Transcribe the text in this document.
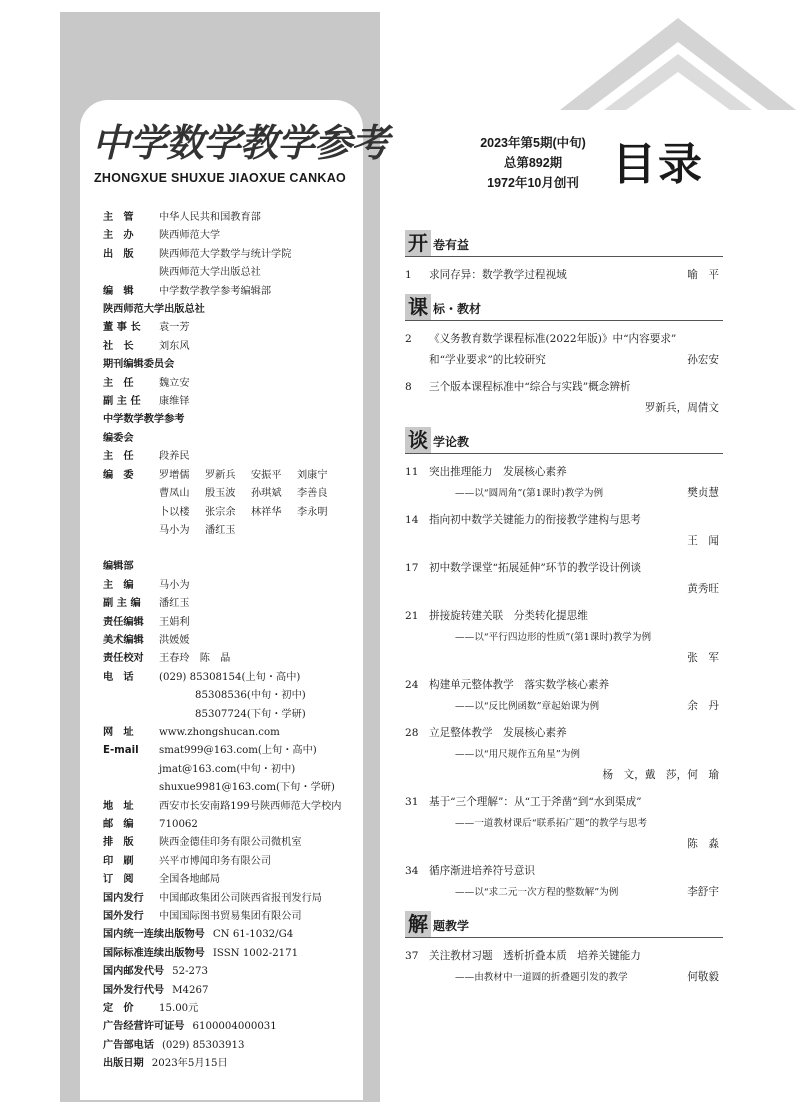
中学数学教学参考
ZHONGXUE SHUXUE JIAOXUE CANKAO
2023年第5期(中旬)
总第892期
1972年10月创刊 目录
主　管	中华人民共和国教育部
主　办	陕西师范大学
出　版	陕西师范大学数学与统计学院
陕西师范大学出版总社
编　辑	中学数学教学参考编辑部
陕西师范大学出版总社
董 事 长	袁一芳
社　长	刘东风
期刊编辑委员会
主　任	魏立安
副 主 任	康维铎
中学数学教学参考
编委会
主　任	段养民
编　委	罗增儒	罗新兵	安振平	刘康宁
曹凤山	殷玉波	孙琪斌	李善良
卜以楼	张宗余	林祥华	李永明
马小为	潘红玉
编辑部
主　编	马小为
副 主 编	潘红玉
责任编辑	王娟利
美术编辑	洪媛媛
责任校对	王春玲　陈　晶
电　话	(029) 85308154(上旬・高中)
85308536(中旬・初中)
85307724(下旬・学研)
网　址	www.zhongshucan.com
E-mail	smat999@163.com(上旬・高中)
jmat@163.com(中旬・初中)
shuxue9981@163.com(下旬・学研)
地　址	西安市长安南路199号陕西师范大学校内
邮　编	710062
排　版	陕西金德佳印务有限公司微机室
印　刷	兴平市博闻印务有限公司
订　阅	全国各地邮局
国内发行	中国邮政集团公司陕西省报刊发行局
国外发行	中国国际图书贸易集团有限公司
国内统一连续出版物号 CN 61-1032/G4
国际标准连续出版物号 ISSN 1002-2171
国内邮发代号 52-273
国外发行代号 M4267
定　价	15.00元
广告经营许可证号 6100004000031
广告部电话 (029) 85303913
出版日期 2023年5月15日
开 卷有益
1	求同存异：数学教学过程视域	喻　平
课 标・教材
2	《义务教育数学课程标准(2022年版)》中“内容要求”
和“学业要求”的比较研究	孙宏安
8	三个版本课程标准中“综合与实践”概念辨析
罗新兵，周倩文
谈 学论教
11 突出推理能力　发展核心素养
——以“圆周角”(第1课时)教学为例	樊贞慧
14 指向初中数学关键能力的衔接教学建构与思考
王　闻
17 初中数学课堂“拓展延伸”环节的教学设计例谈
黄秀旺
21 拼接旋转建关联　分类转化提思维
——以“平行四边形的性质”(第1课时)教学为例
张　军
24 构建单元整体教学　落实数学核心素养
——以“反比例函数”章起始课为例	余　丹
28 立足整体教学　发展核心素养
——以“用尺规作五角星”为例
杨　文，戴　莎，何　瑜
31 基于“三个理解”：从“工于斧凿”到“水到渠成”
——一道教材课后“联系拓广题”的教学与思考
陈　淼
34 循序渐进培养符号意识
——以“求二元一次方程的整数解”为例	李舒宇
解 题教学
37 关注教材习题　透析折叠本质　培养关键能力
——由教材中一道圆的折叠题引发的教学	何敬毅
